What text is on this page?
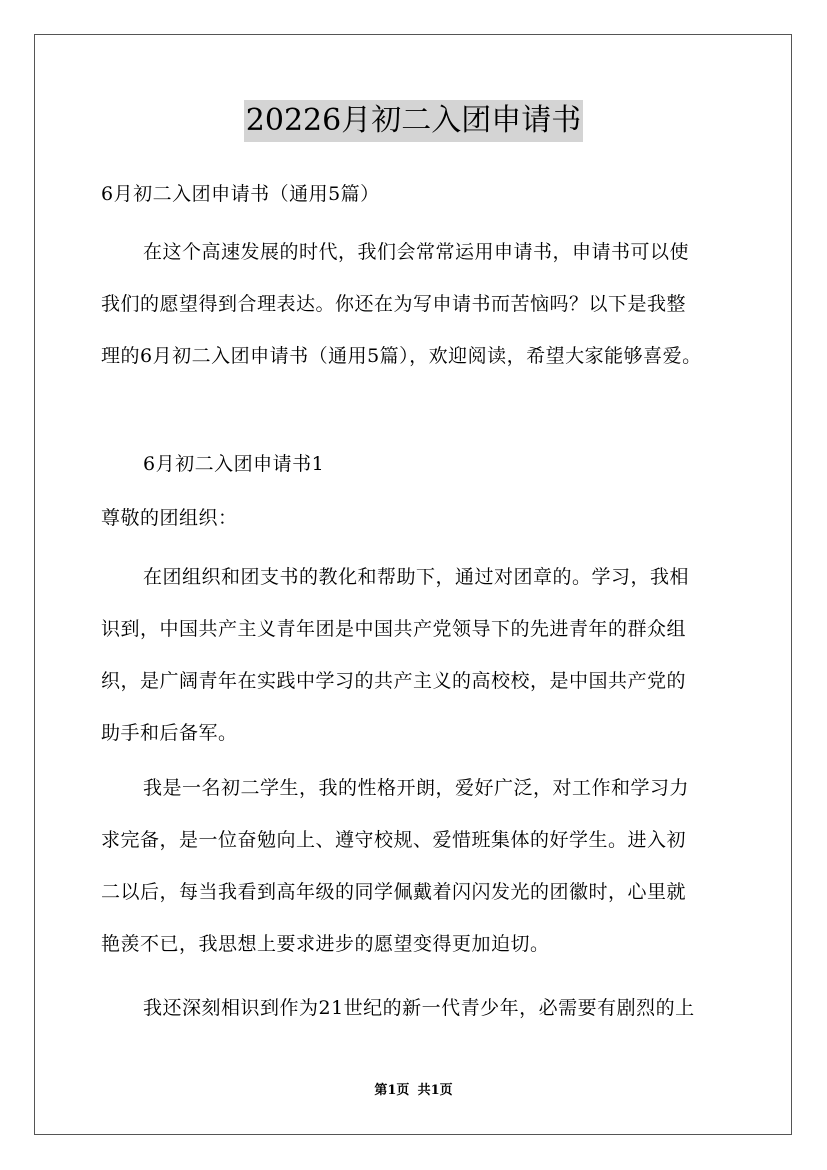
20226月初二入团申请书
6月初二入团申请书（通用5篇）
在这个高速发展的时代，我们会常常运用申请书，申请书可以使
我们的愿望得到合理表达。你还在为写申请书而苦恼吗？以下是我整
理的6月初二入团申请书（通用5篇），欢迎阅读，希望大家能够喜爱。
6月初二入团申请书1
尊敬的团组织：
在团组织和团支书的教化和帮助下，通过对团章的。学习，我相
识到，中国共产主义青年团是中国共产党领导下的先进青年的群众组
织，是广阔青年在实践中学习的共产主义的高校校，是中国共产党的
助手和后备军。
我是一名初二学生，我的性格开朗，爱好广泛，对工作和学习力
求完备，是一位奋勉向上、遵守校规、爱惜班集体的好学生。进入初
二以后，每当我看到高年级的同学佩戴着闪闪发光的团徽时，心里就
艳羡不已，我思想上要求进步的愿望变得更加迫切。
我还深刻相识到作为21世纪的新一代青少年，必需要有剧烈的上
第1页 共1页
